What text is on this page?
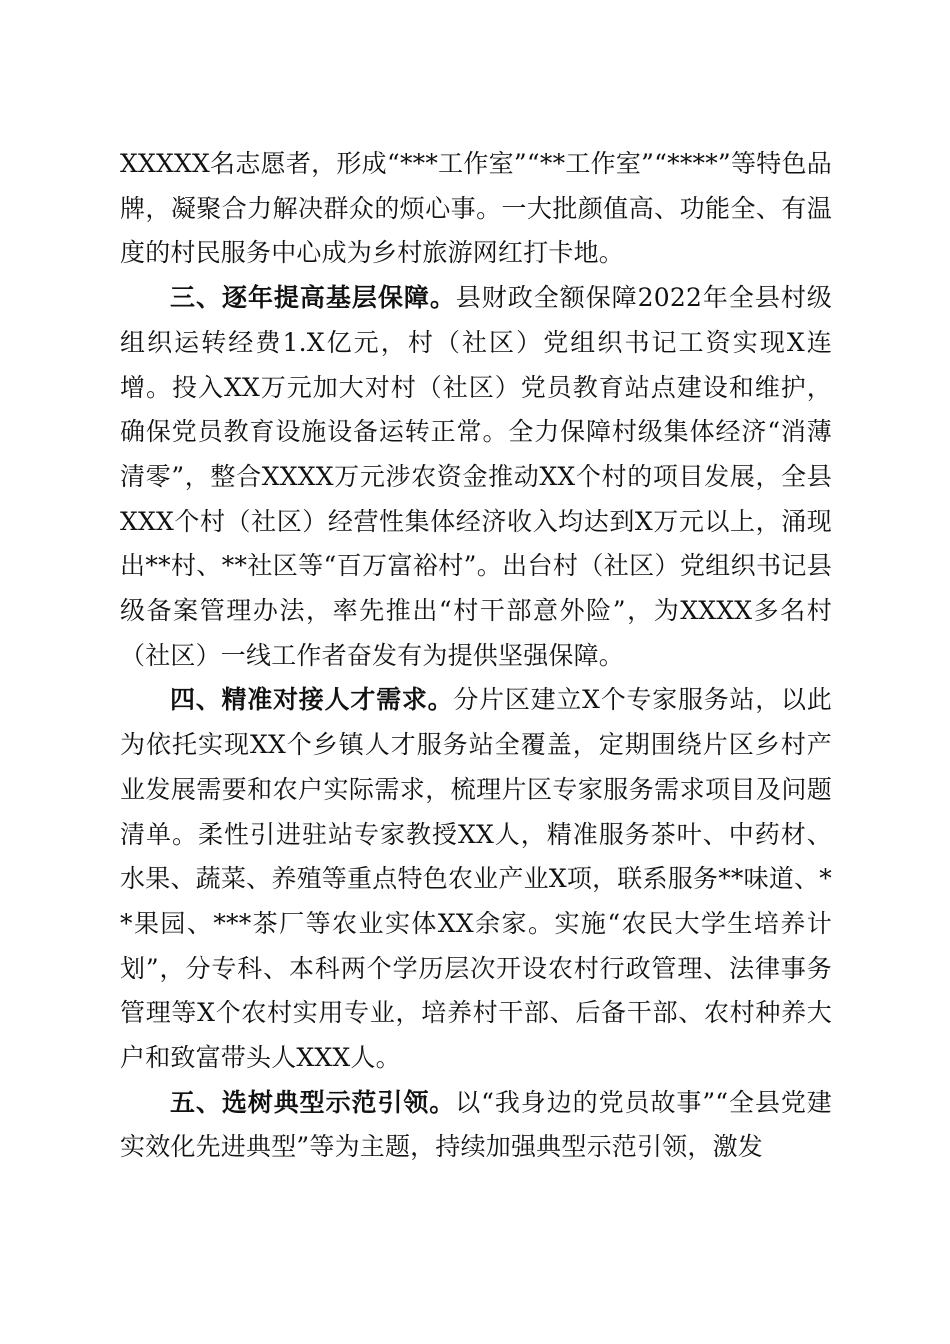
XXXXX名志愿者，形成“***工作室”“**工作室”“****”等特色品牌，凝聚合力解决群众的烦心事。一大批颜值高、功能全、有温度的村民服务中心成为乡村旅游网红打卡地。

三、逐年提高基层保障。县财政全额保障2022年全县村级组织运转经费1.X亿元，村（社区）党组织书记工资实现X连增。投入XX万元加大对村（社区）党员教育站点建设和维护，确保党员教育设施设备运转正常。全力保障村级集体经济“消薄清零”，整合XXXX万元涉农资金推动XX个村的项目发展，全县XXX个村（社区）经营性集体经济收入均达到X万元以上，涌现出**村、**社区等“百万富裕村”。出台村（社区）党组织书记县级备案管理办法，率先推出“村干部意外险”，为XXXX多名村（社区）一线工作者奋发有为提供坚强保障。

四、精准对接人才需求。分片区建立X个专家服务站，以此为依托实现XX个乡镇人才服务站全覆盖，定期围绕片区乡村产业发展需要和农户实际需求，梳理片区专家服务需求项目及问题清单。柔性引进驻站专家教授XX人，精准服务茶叶、中药材、水果、蔬菜、养殖等重点特色农业产业X项，联系服务**味道、**果园、***茶厂等农业实体XX余家。实施“农民大学生培养计划”，分专科、本科两个学历层次开设农村行政管理、法律事务管理等X个农村实用专业，培养村干部、后备干部、农村种养大户和致富带头人XXX人。

五、选树典型示范引领。以“我身边的党员故事”“全县党建实效化先进典型”等为主题，持续加强典型示范引领，激发
